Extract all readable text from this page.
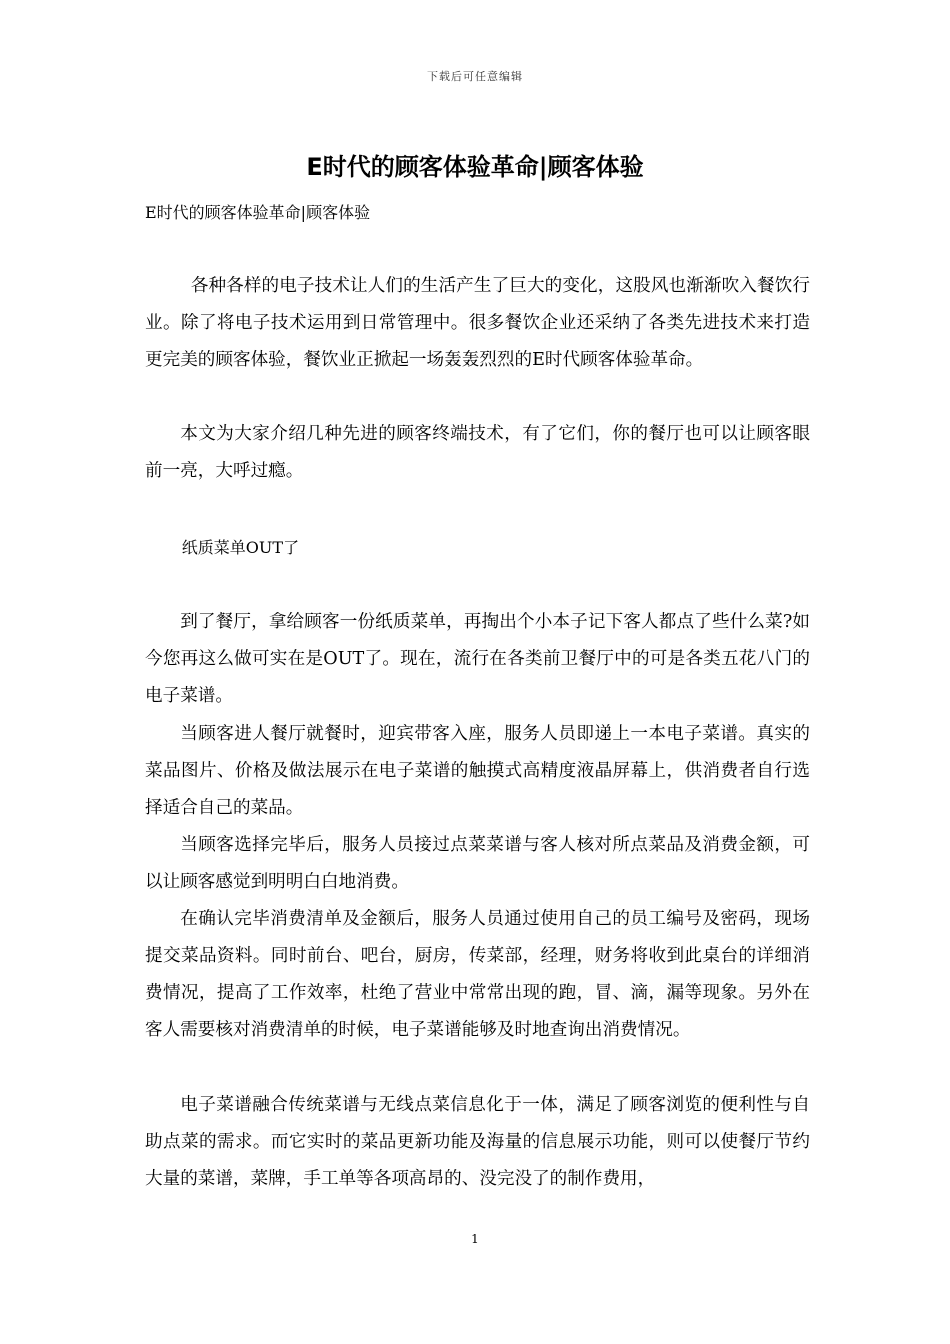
下载后可任意编辑
E时代的顾客体验革命|顾客体验
E时代的顾客体验革命|顾客体验

各种各样的电子技术让人们的生活产生了巨大的变化，这股风也渐渐吹入餐饮行业。除了将电子技术运用到日常管理中。很多餐饮企业还采纳了各类先进技术来打造更完美的顾客体验，餐饮业正掀起一场轰轰烈烈的E时代顾客体验革命。

本文为大家介绍几种先进的顾客终端技术，有了它们，你的餐厅也可以让顾客眼前一亮，大呼过瘾。

纸质菜单OUT了

到了餐厅，拿给顾客一份纸质菜单，再掏出个小本子记下客人都点了些什么菜?如今您再这么做可实在是OUT了。现在，流行在各类前卫餐厅中的可是各类五花八门的电子菜谱。

当顾客进人餐厅就餐时，迎宾带客入座，服务人员即递上一本电子菜谱。真实的菜品图片、价格及做法展示在电子菜谱的触摸式高精度液晶屏幕上，供消费者自行选择适合自己的菜品。

当顾客选择完毕后，服务人员接过点菜菜谱与客人核对所点菜品及消费金额，可以让顾客感觉到明明白白地消费。

在确认完毕消费清单及金额后，服务人员通过使用自己的员工编号及密码，现场提交菜品资料。同时前台、吧台，厨房，传菜部，经理，财务将收到此桌台的详细消费情况，提高了工作效率，杜绝了营业中常常出现的跑，冒、滴，漏等现象。另外在客人需要核对消费清单的时候，电子菜谱能够及时地查询出消费情况。

电子菜谱融合传统菜谱与无线点菜信息化于一体，满足了顾客浏览的便利性与自助点菜的需求。而它实时的菜品更新功能及海量的信息展示功能，则可以使餐厅节约大量的菜谱，菜牌，手工单等各项高昂的、没完没了的制作费用，

1
